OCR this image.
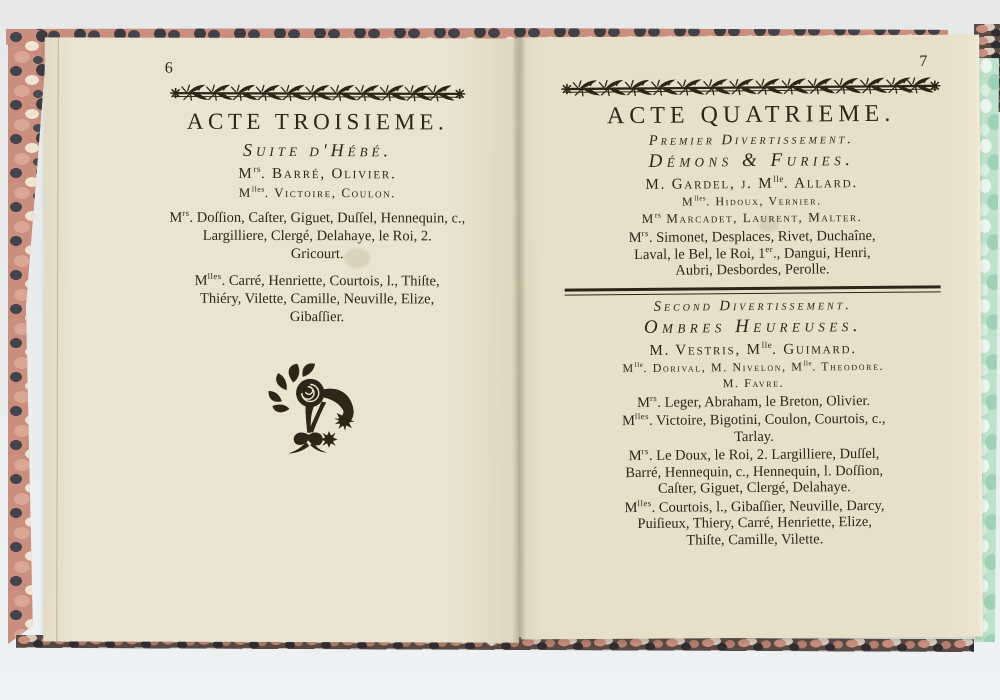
6
ACTE TROISIEME.
Suite d'Hébé.
$M^{rs}$. Barré, Olivier.
$M^{lles}$. Victoire, Coulon.
$M^{rs}$. Doſſion, Caſter, Giguet, Duſſel, Hennequin, c.,
Largilliere, Clergé, Delahaye, le Roi, 2.
Gricourt.
$M^{lles}$. Carré, Henriette, Courtois, l., Thiſte,
Thiéry, Vilette, Camille, Neuville, Elize,
Gibaſſier.
7
ACTE QUATRIEME.
Premier Divertissement.
Démons & Furies.
M. Gardel, j. $M^{lle}$. Allard.
$M^{lles}$. Hidoux, Vernier.
$M^{rs}$ Marcadet, Laurent, Malter.
$M^{rs}$. Simonet, Desplaces, Rivet, Duchaîne,
Laval, le Bel, le Roi, 1er., Dangui, Henri,
Aubri, Desbordes, Perolle.
Second Divertissement.
Ombres Heureuses.
M. Vestris, $M^{lle}$. Guimard.
$M^{lle}$. Dorival, M. Nivelon, $M^{lle}$. Theodore.
M. Favre.
$M^{rs}$. Leger, Abraham, le Breton, Olivier.
$M^{lles}$. Victoire, Bigotini, Coulon, Courtois, c.,
Tarlay.
$M^{rs}$. Le Doux, le Roi, 2. Largilliere, Duſſel,
Barré, Hennequin, c., Hennequin, l. Doſſion,
Caſter, Giguet, Clergé, Delahaye.
$M^{lles}$. Courtois, l., Gibaſſier, Neuville, Darcy,
Puiſieux, Thiery, Carré, Henriette, Elize,
Thiſte, Camille, Vilette.
